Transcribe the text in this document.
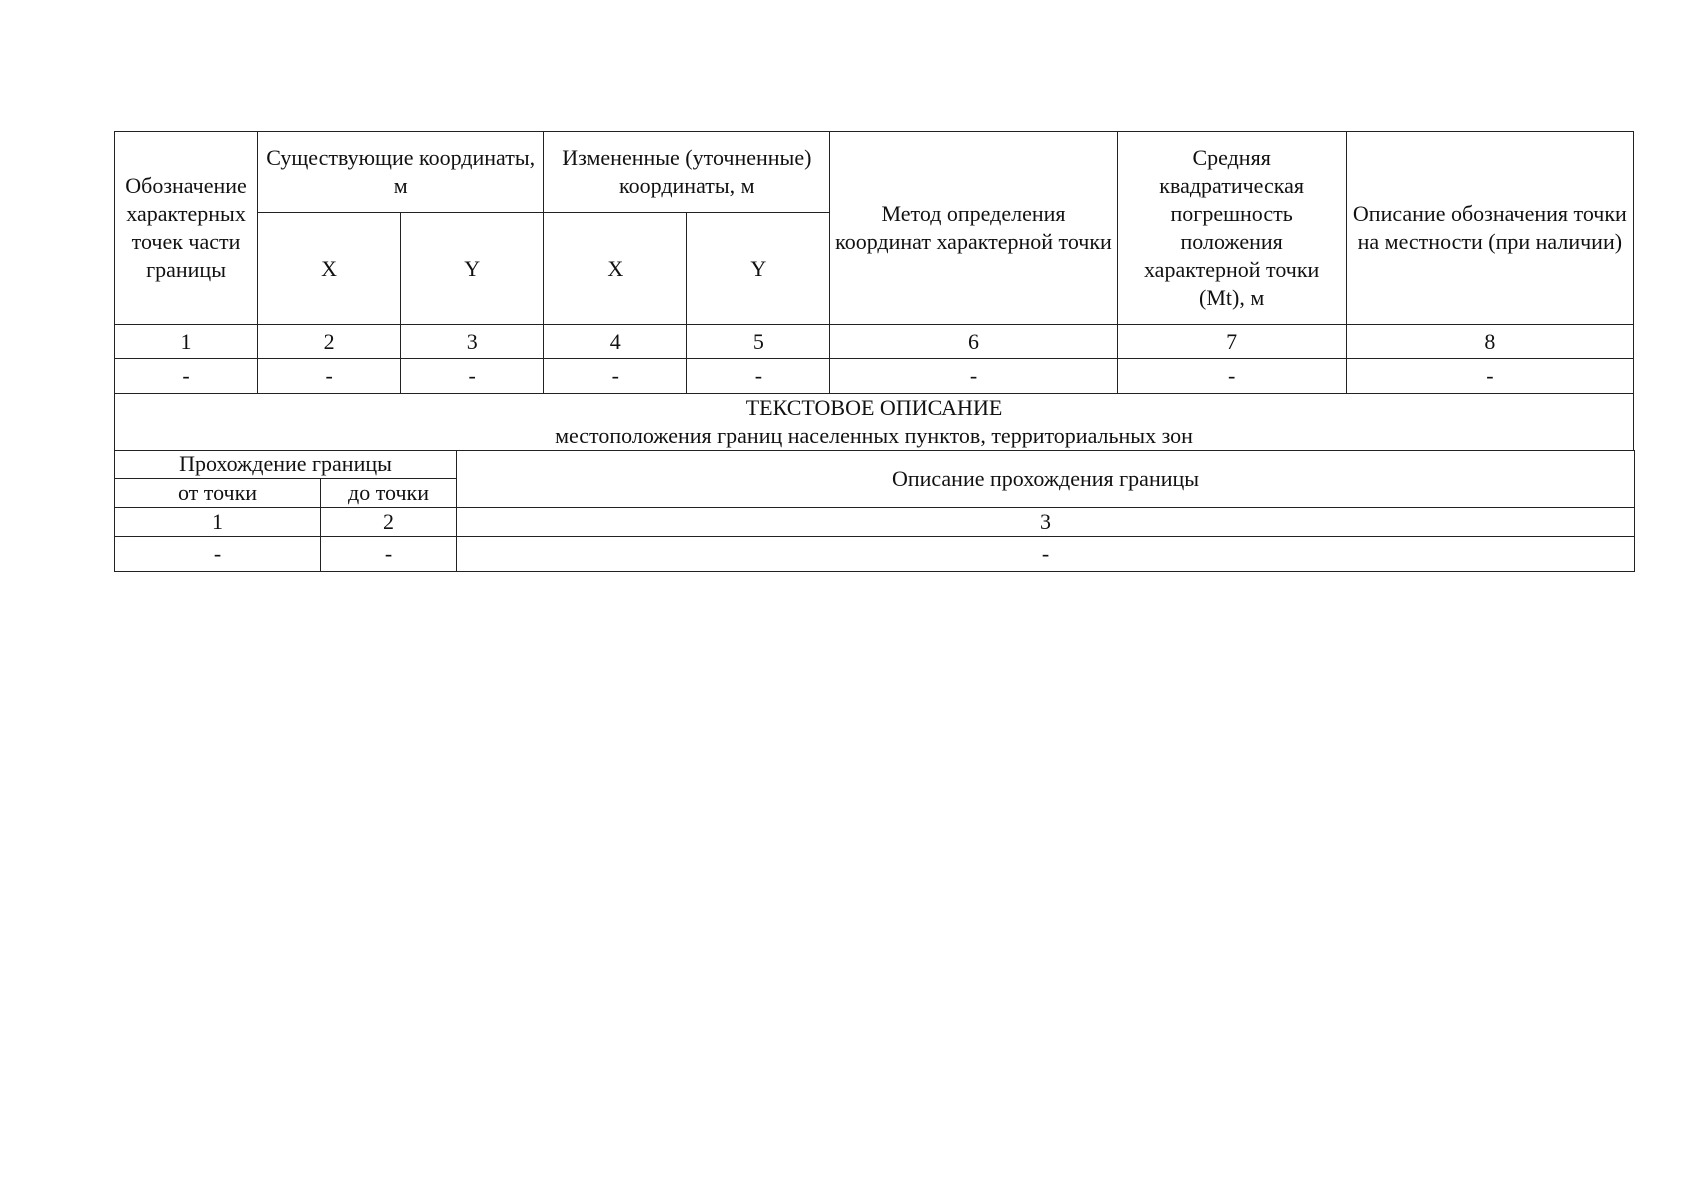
Обозначение характерных точек части границы	Существующие координаты, м		Измененные (уточненные) координаты, м		Метод определения координат характерной точки	Средняя квадратическая погрешность положения характерной точки (Mt), м	Описание обозначения точки на местности (при наличии)

	X	Y	X	Y			
1	2	3	4	5	6	7	8
-	-	-	-	-	-	-	-

ТЕКСТОВОЕ ОПИСАНИЕ
местоположения границ населенных пунктов, территориальных зон							
Прохождение границы		Описание прохождения границы
от точки	до точки	
1	2	3
-	-	-
